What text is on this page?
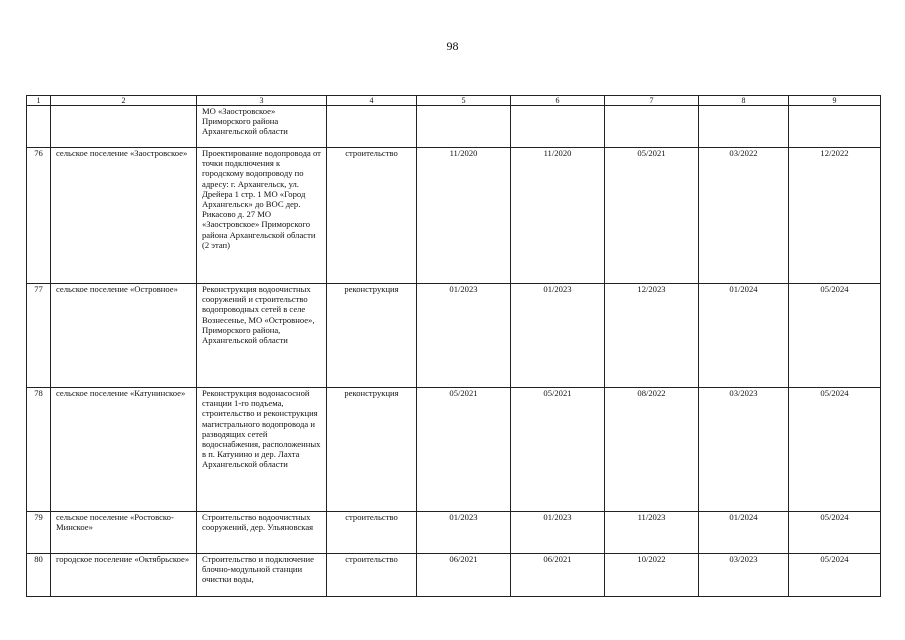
98
1	2	3	4	5	6	7	8	9
		МО «Заостровское» Приморского района Архангельской области						
76	сельское поселение «Заостровское»	Проектирование водопровода от точки подключения к городскому водопроводу по адресу: г. Архангельск, ул. Дрейера 1 стр. 1 МО «Город Архангельск» до ВОС дер. Рикасово д. 27 МО «Заостровское» Приморского района Архангельской области (2 этап)	строительство	11/2020	11/2020	05/2021	03/2022	12/2022
77	сельское поселение «Островное»	Реконструкция водоочистных сооружений и строительство водопроводных сетей в селе Вознесенье, МО «Островное», Приморского района, Архангельской области	реконструкция	01/2023	01/2023	12/2023	01/2024	05/2024
78	сельское поселение «Катунинское»	Реконструкция водонасосной станции 1-го подъема, строительство и реконструкция магистрального водопровода и разводящих сетей водоснабжения, расположенных в п. Катунино и дер. Лахта Архангельской области	реконструкция	05/2021	05/2021	08/2022	03/2023	05/2024
79	сельское поселение «Ростовско-Минское»	Строительство водоочистных сооружений, дер. Ульяновская	строительство	01/2023	01/2023	11/2023	01/2024	05/2024
80	городское поселение «Октябрьское»	Строительство и подключение блочно-модульной станции очистки воды,	строительство	06/2021	06/2021	10/2022	03/2023	05/2024
